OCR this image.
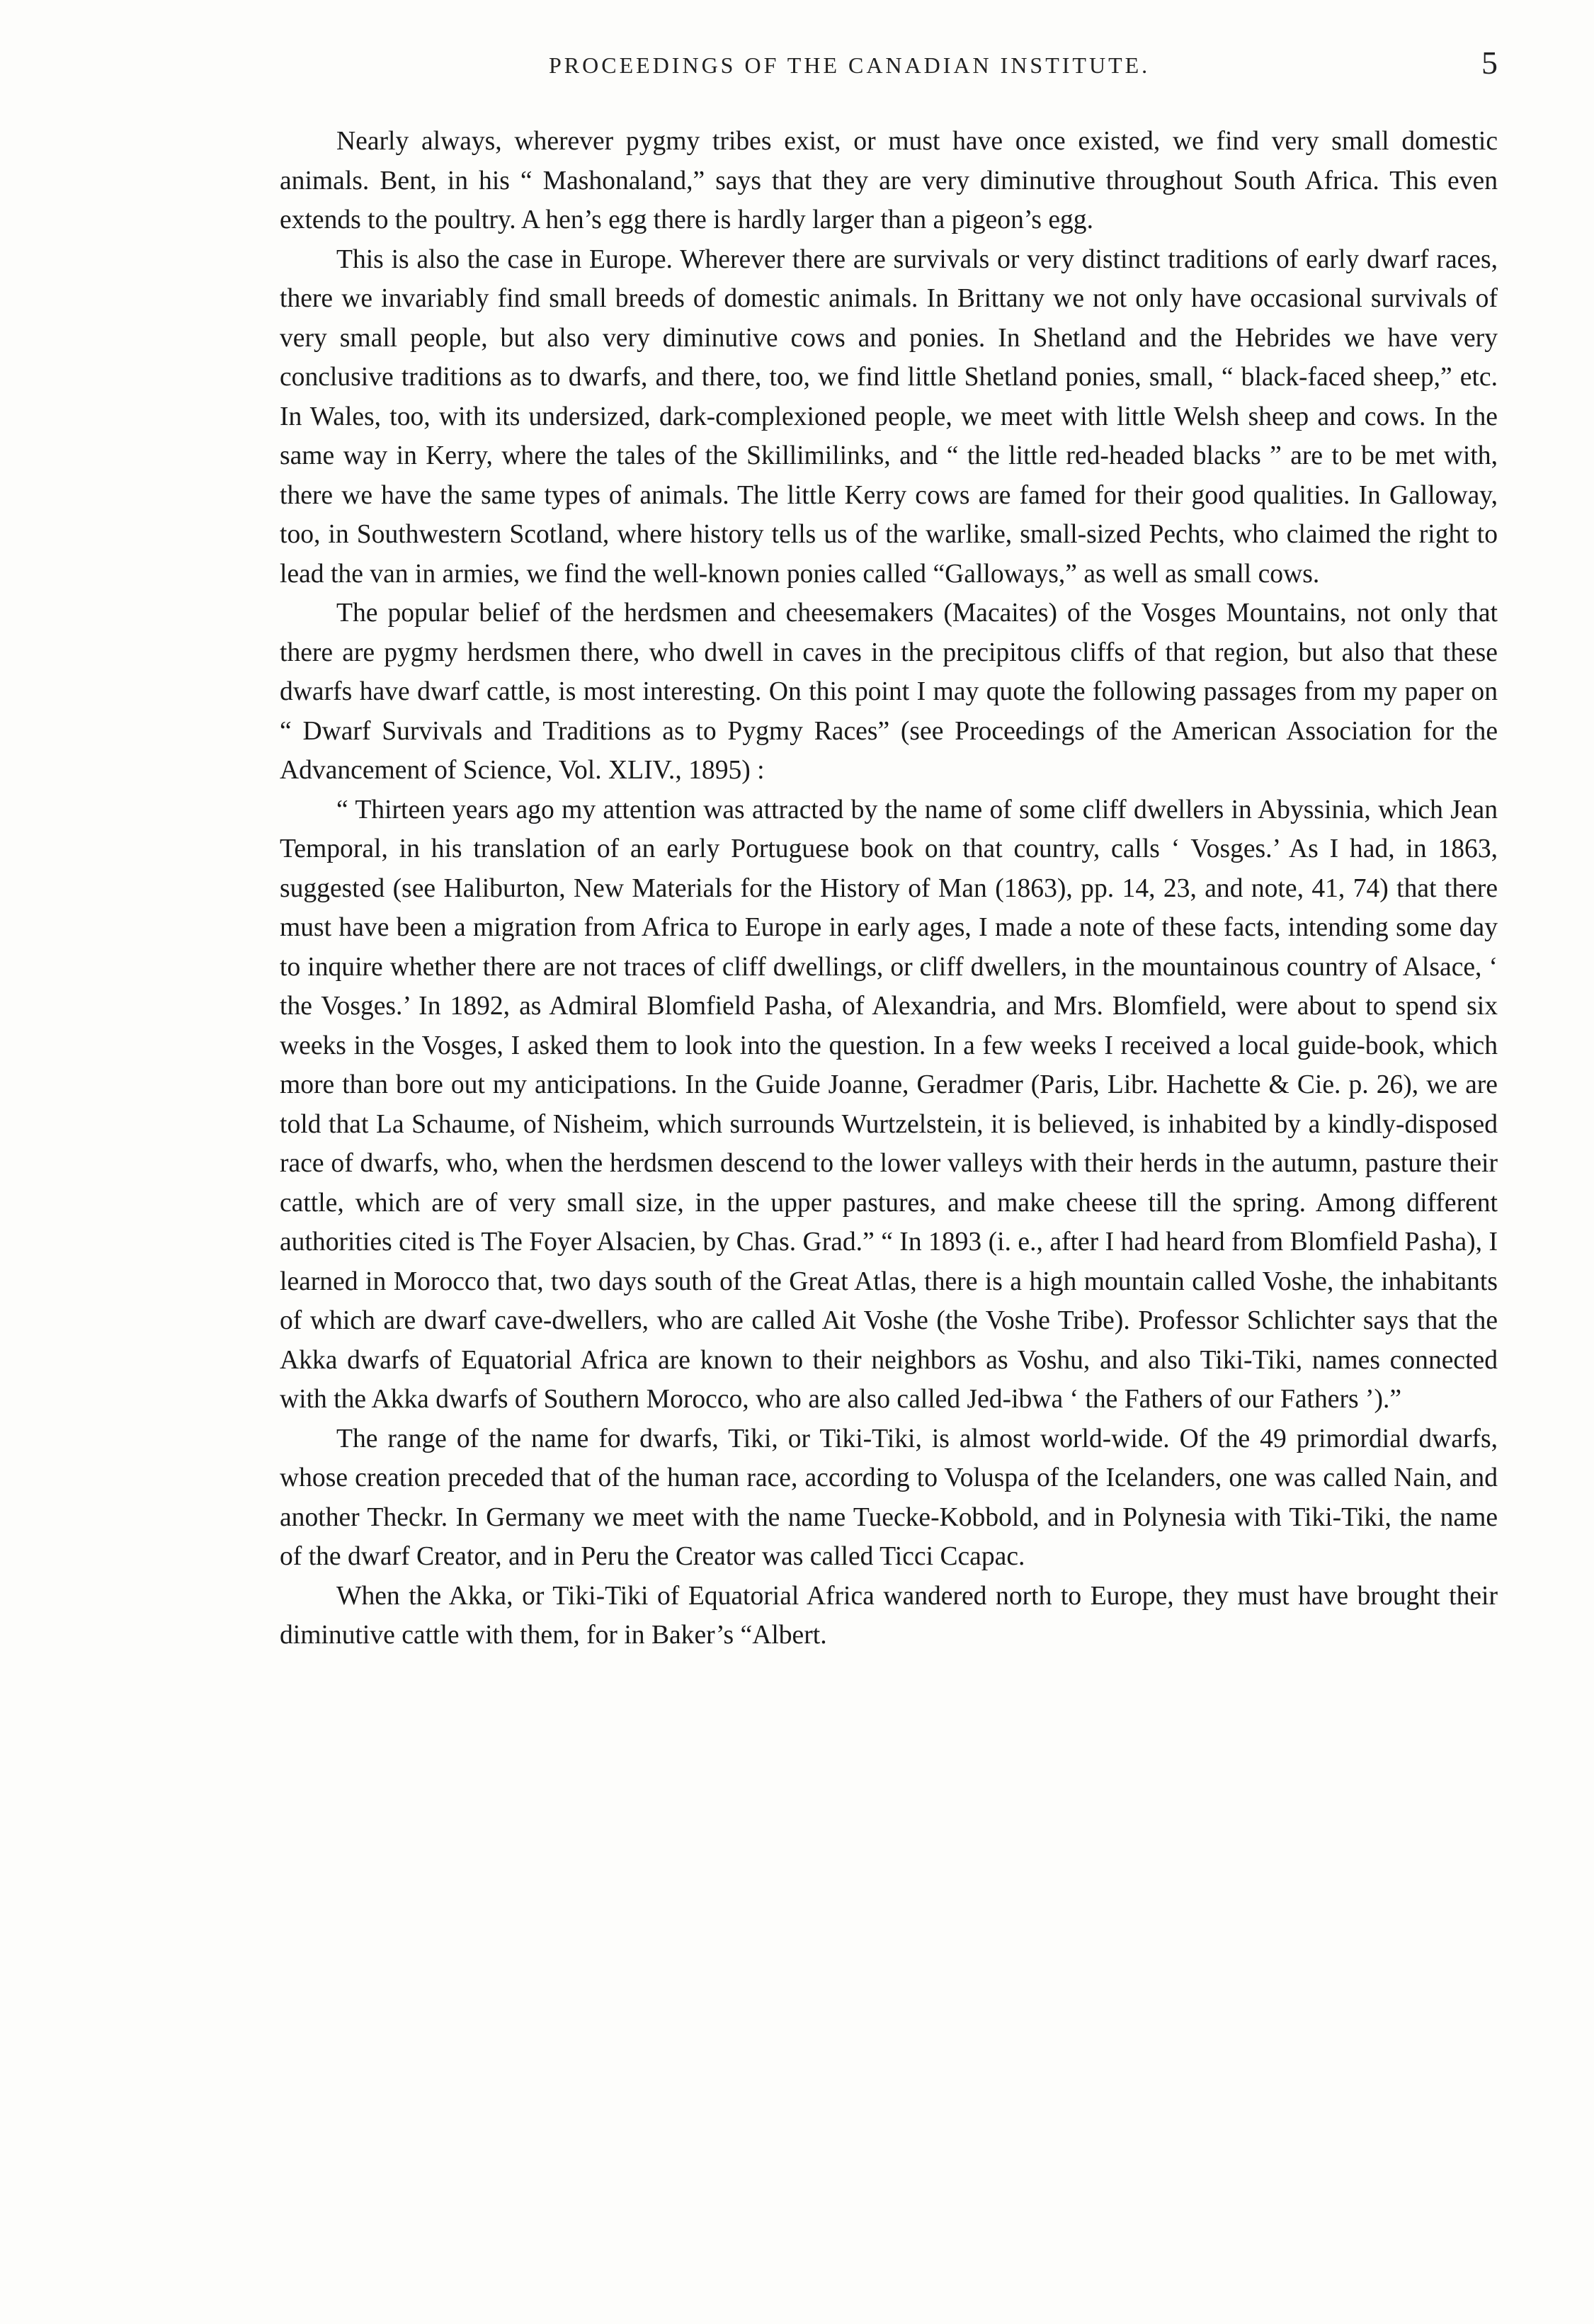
PROCEEDINGS OF THE CANADIAN INSTITUTE.	5

Nearly always, wherever pygmy tribes exist, or must have once existed, we find very small domestic animals. Bent, in his “ Mashonaland,” says that they are very diminutive throughout South Africa. This even extends to the poultry. A hen’s egg there is hardly larger than a pigeon’s egg.

This is also the case in Europe. Wherever there are survivals or very distinct traditions of early dwarf races, there we invariably find small breeds of domestic animals. In Brittany we not only have occasional survivals of very small people, but also very diminutive cows and ponies. In Shetland and the Hebrides we have very conclusive traditions as to dwarfs, and there, too, we find little Shetland ponies, small, “ black-faced sheep,” etc. In Wales, too, with its undersized, dark-complexioned people, we meet with little Welsh sheep and cows. In the same way in Kerry, where the tales of the Skillimilinks, and “ the little red-headed blacks ” are to be met with, there we have the same types of animals. The little Kerry cows are famed for their good qualities. In Galloway, too, in Southwestern Scotland, where history tells us of the warlike, small-sized Pechts, who claimed the right to lead the van in armies, we find the well-known ponies called “Galloways,” as well as small cows.

The popular belief of the herdsmen and cheesemakers (Macaites) of the Vosges Mountains, not only that there are pygmy herdsmen there, who dwell in caves in the precipitous cliffs of that region, but also that these dwarfs have dwarf cattle, is most interesting. On this point I may quote the following passages from my paper on “ Dwarf Survivals and Traditions as to Pygmy Races” (see Proceedings of the American Association for the Advancement of Science, Vol. XLIV., 1895) :

“ Thirteen years ago my attention was attracted by the name of some cliff dwellers in Abyssinia, which Jean Temporal, in his translation of an early Portuguese book on that country, calls ‘ Vosges.’ As I had, in 1863, suggested (see Haliburton, New Materials for the History of Man (1863), pp. 14, 23, and note, 41, 74) that there must have been a migration from Africa to Europe in early ages, I made a note of these facts, intending some day to inquire whether there are not traces of cliff dwellings, or cliff dwellers, in the mountainous country of Alsace, ‘ the Vosges.’ In 1892, as Admiral Blomfield Pasha, of Alexandria, and Mrs. Blomfield, were about to spend six weeks in the Vosges, I asked them to look into the question. In a few weeks I received a local guide-book, which more than bore out my anticipations. In the Guide Joanne, Geradmer (Paris, Libr. Hachette & Cie. p. 26), we are told that La Schaume, of Nisheim, which surrounds Wurtzelstein, it is believed, is inhabited by a kindly-disposed race of dwarfs, who, when the herdsmen descend to the lower valleys with their herds in the autumn, pasture their cattle, which are of very small size, in the upper pastures, and make cheese till the spring. Among different authorities cited is The Foyer Alsacien, by Chas. Grad.” “ In 1893 (i. e., after I had heard from Blomfield Pasha), I learned in Morocco that, two days south of the Great Atlas, there is a high mountain called Voshe, the inhabitants of which are dwarf cave-dwellers, who are called Ait Voshe (the Voshe Tribe). Professor Schlichter says that the Akka dwarfs of Equatorial Africa are known to their neighbors as Voshu, and also Tiki-Tiki, names connected with the Akka dwarfs of Southern Morocco, who are also called Jed-ibwa ‘ the Fathers of our Fathers ’).”

The range of the name for dwarfs, Tiki, or Tiki-Tiki, is almost world-wide. Of the 49 primordial dwarfs, whose creation preceded that of the human race, according to Voluspa of the Icelanders, one was called Nain, and another Theckr. In Germany we meet with the name Tuecke-Kobbold, and in Polynesia with Tiki-Tiki, the name of the dwarf Creator, and in Peru the Creator was called Ticci Ccapac.

When the Akka, or Tiki-Tiki of Equatorial Africa wandered north to Europe, they must have brought their diminutive cattle with them, for in Baker’s “Albert.
